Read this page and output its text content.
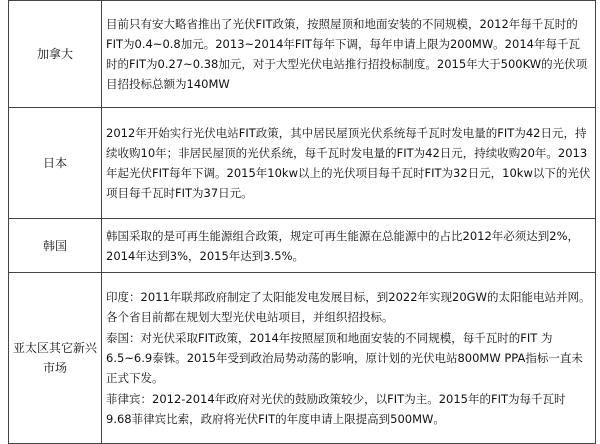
加拿大	目前只有安大略省推出了光伏FIT政策，按照屋顶和地面安装的不同规模，2012年每千瓦时的FIT为0.4~0.8加元。2013~2014年FIT每年下调，每年申请上限为200MW。2014年每千瓦时的FIT为0.27~0.38加元，对于大型光伏电站推行招投标制度。2015年大于500KW的光伏项目招投标总额为140MW

日本	2012年开始实行光伏电站FIT政策，其中居民屋顶光伏系统每千瓦时发电量的FIT为42日元，持续收购10年；非居民屋顶的光伏系统，每千瓦时发电量的FIT为42日元，持续收购20年。2013年起光伏FIT每年下调。2015年10kw以上的光伏项目每千瓦时FIT为32日元，10kw以下的光伏项目每千瓦时FIT为37日元。

韩国	韩国采取的是可再生能源组合政策，规定可再生能源在总能源中的占比2012年必须达到2%，　　2014年达到3%，2015年达到3.5%。

亚太区其它新兴市场	印度：2011年联邦政府制定了太阳能发电发展目标，到2022年实现20GW的太阳能电站并网。各个省目前都在规划大型光伏电站项目，并组织招投标。
泰国：对光伏采取FIT政策，2014年按照屋顶和地面安装的不同规模，每千瓦时的FIT 为6.5~6.9泰铢。2015年受到政治局势动荡的影响，原计划的光伏电站800MW PPA指标一直未正式下发。
菲律宾：2012-2014年政府对光伏的鼓励政策较少，以FIT为主。2015年的FIT为每千瓦时9.68菲律宾比索，政府将光伏FIT的年度申请上限提高到500MW。
